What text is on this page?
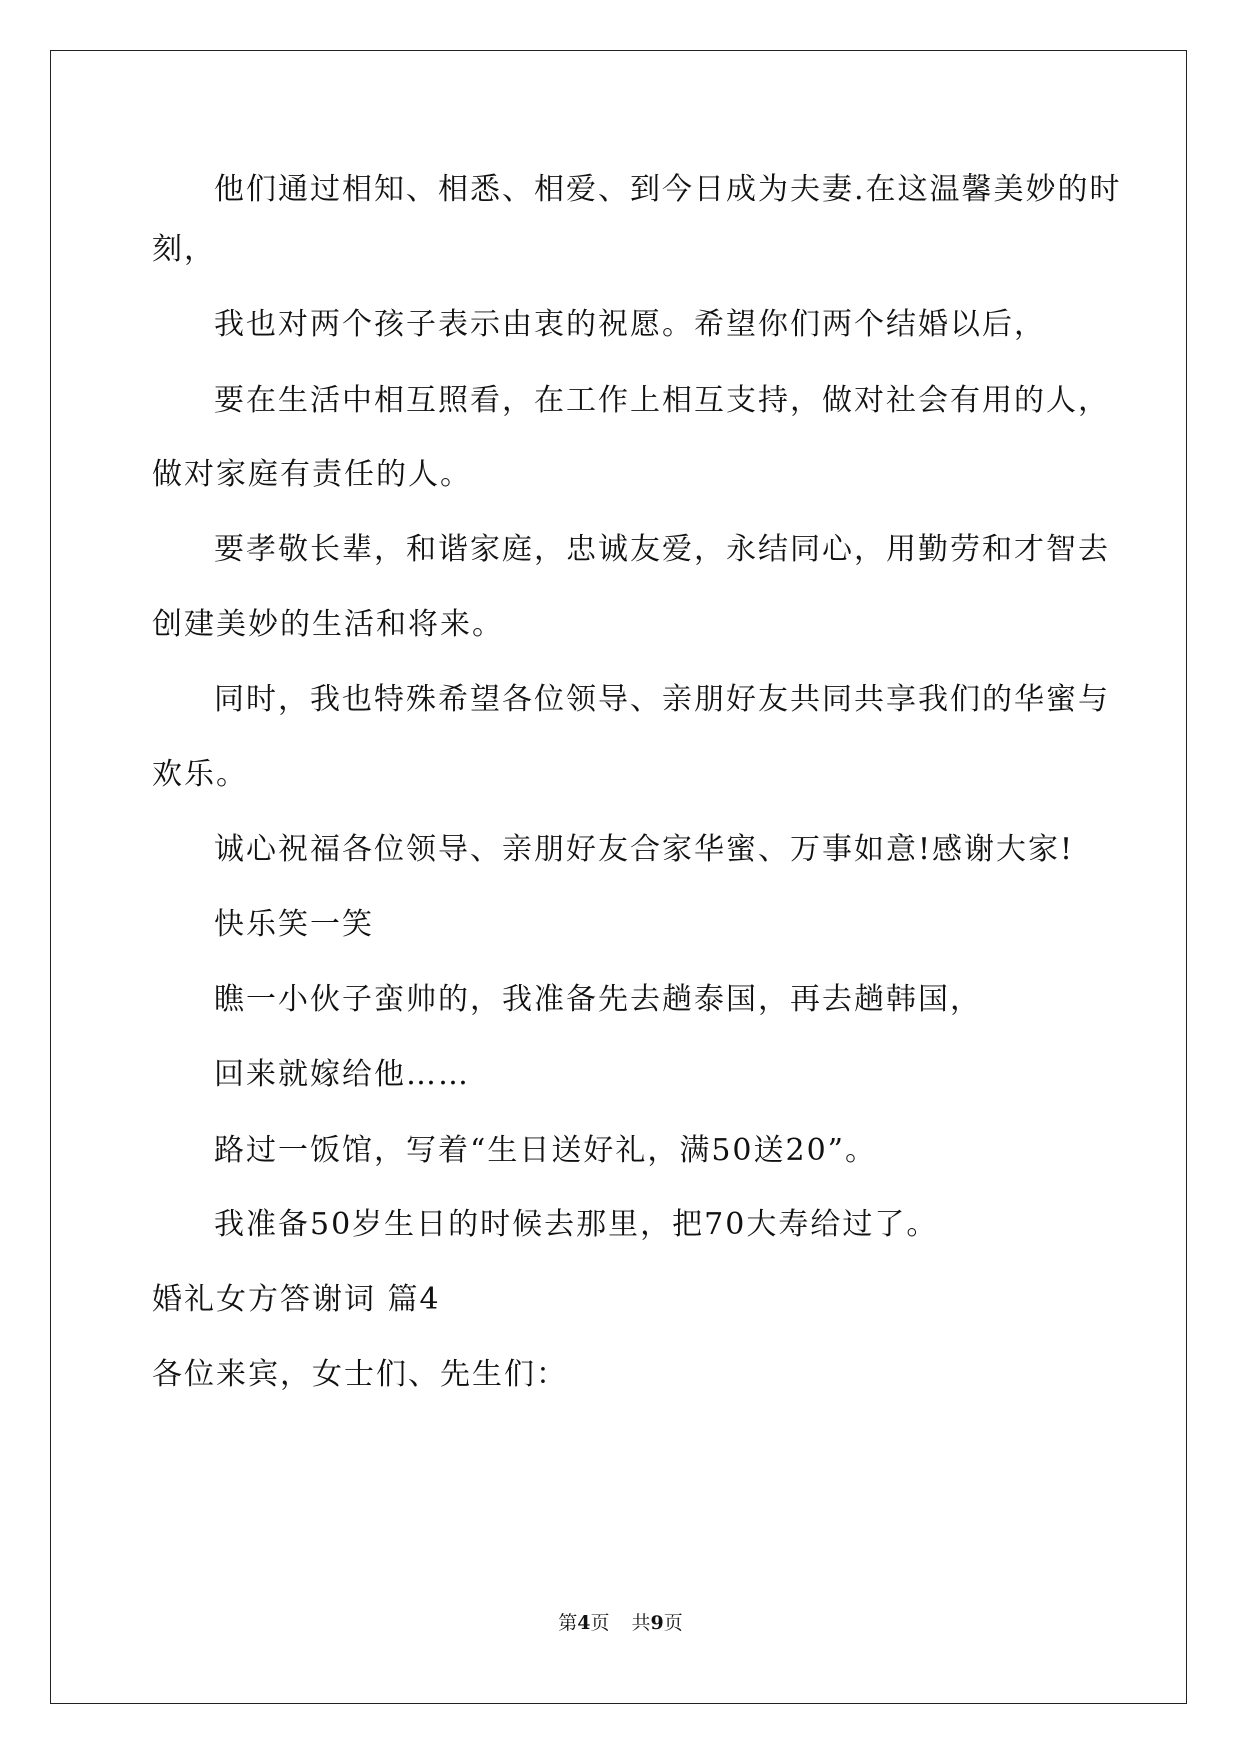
他们通过相知、相悉、相爱、到今日成为夫妻.在这温馨美妙的时
刻，
我也对两个孩子表示由衷的祝愿。希望你们两个结婚以后，
要在生活中相互照看，在工作上相互支持，做对社会有用的人，
做对家庭有责任的人。
要孝敬长辈，和谐家庭，忠诚友爱，永结同心，用勤劳和才智去
创建美妙的生活和将来。
同时，我也特殊希望各位领导、亲朋好友共同共享我们的华蜜与
欢乐。
诚心祝福各位领导、亲朋好友合家华蜜、万事如意!感谢大家!
快乐笑一笑
瞧一小伙子蛮帅的，我准备先去趟泰国，再去趟韩国，
回来就嫁给他……
路过一饭馆，写着“生日送好礼，满50送20”。
我准备50岁生日的时候去那里，把70大寿给过了。
婚礼女方答谢词 篇4
各位来宾，女士们、先生们：
第4页 共9页
